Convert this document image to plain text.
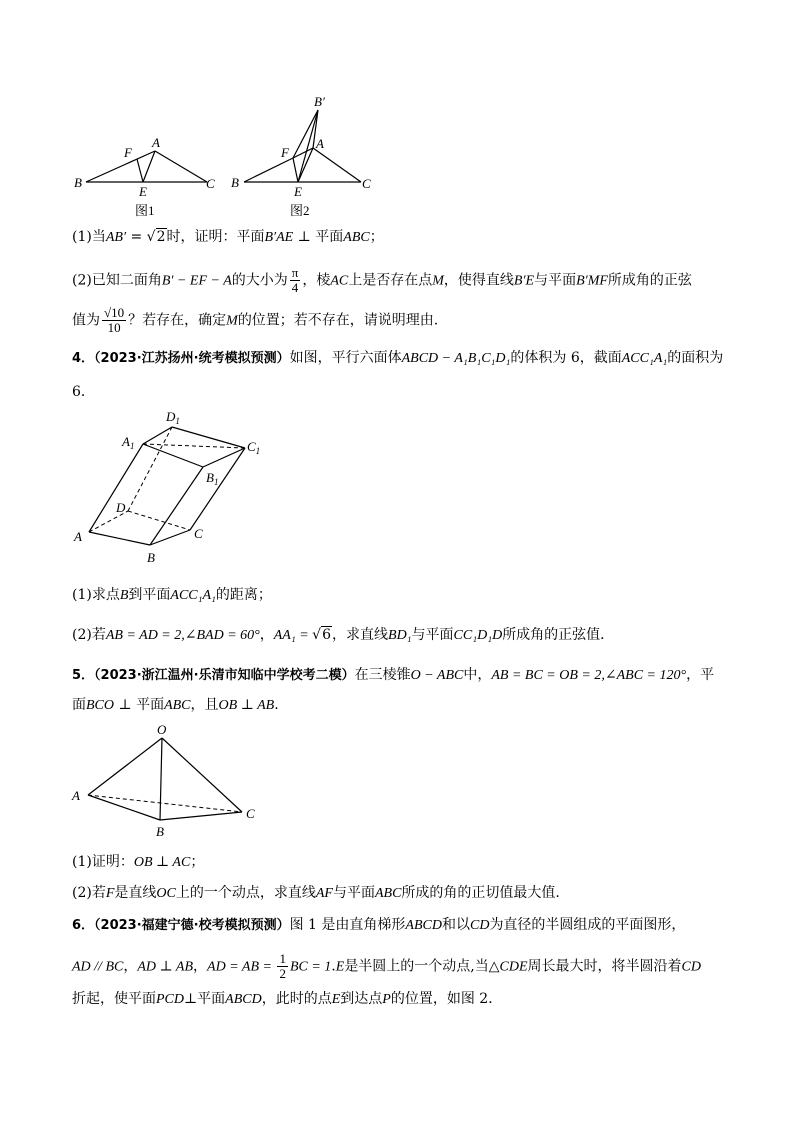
A
B	C
E
F
图1
B′
A
B	C
E
F
图2
(1)当AB′ = √2时，证明：平面B′AE ⊥ 平面ABC；
(2)已知二面角B′ − EF − A的大小为 $\frac{\pi}{4}$ ，棱AC上是否存在点M，使得直线B′E与平面B′MF所成角的正弦
值为 $\frac{√10}{10}$ ？若存在，确定M的位置；若不存在，请说明理由.
4．（2023·江苏扬州·统考模拟预测）如图，平行六面体ABCD − A₁B₁C₁D₁的体积为 6，截面ACC₁A₁的面积为
6．
$A_1$
$D_1$
$C_1$
$B_1$
D
A	C
B
(1)求点B到平面ACC₁A₁的距离；
(2)若AB = AD = 2,∠BAD = 60°，AA₁ = √6，求直线BD₁与平面CC₁D₁D所成角的正弦值．
5．（2023·浙江温州·乐清市知临中学校考二模）在三棱锥O − ABC中，AB = BC = OB = 2,∠ABC = 120°，平
面BCO ⊥ 平面ABC，且OB ⊥ AB.
O
A
B
C
(1)证明：OB ⊥ AC；
(2)若F是直线OC上的一个动点，求直线AF与平面ABC所成的角的正切值最大值.
6．（2023·福建宁德·校考模拟预测）图 1 是由直角梯形ABCD和以CD为直径的半圆组成的平面图形，
AD // BC，AD ⊥ AB，AD = AB = $\frac{1}{2}$ BC = 1.E是半圆上的一个动点,当△CDE周长最大时，将半圆沿着CD
折起，使平面PCD⊥平面ABCD，此时的点E到达点P的位置，如图 2．
